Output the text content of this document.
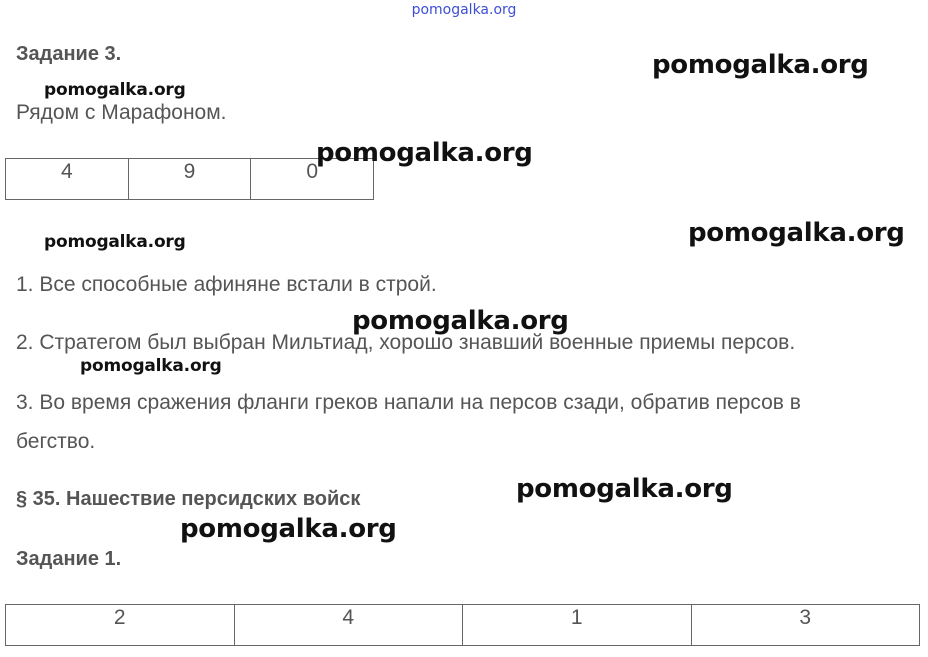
pomogalka.org
Задание 3.
Рядом с Марафоном.
4	9	0
1. Все способные афиняне встали в строй.
2. Стратегом был выбран Мильтиад, хорошо знавший военные приемы персов.
3. Во время сражения фланги греков напали на персов сзади, обратив персов в
бегство.
§ 35. Нашествие персидских войск
Задание 1.
2	4	1	3
pomogalka.org
pomogalka.org
pomogalka.org
pomogalka.org	pomogalka.org
pomogalka.org
pomogalka.org
pomogalka.org
pomogalka.org
